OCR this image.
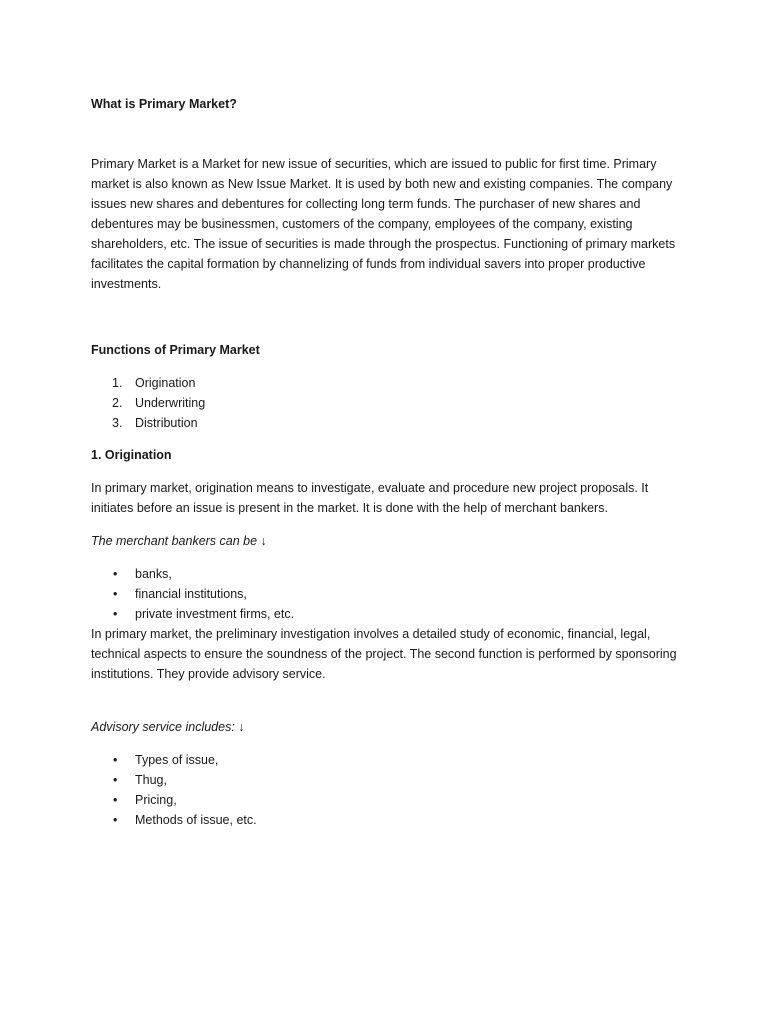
What is Primary Market?

Primary Market is a Market for new issue of securities, which are issued to public for first time. Primary market is also known as New Issue Market. It is used by both new and existing companies. The company issues new shares and debentures for collecting long term funds. The purchaser of new shares and debentures may be businessmen, customers of the company, employees of the company, existing shareholders, etc. The issue of securities is made through the prospectus. Functioning of primary markets facilitates the capital formation by channelizing of funds from individual savers into proper productive investments.

Functions of Primary Market

1. Origination
2. Underwriting
3. Distribution

1. Origination

In primary market, origination means to investigate, evaluate and procedure new project proposals. It initiates before an issue is present in the market. It is done with the help of merchant bankers.

The merchant bankers can be ↓

• banks,
• financial institutions,
• private investment firms, etc.

In primary market, the preliminary investigation involves a detailed study of economic, financial, legal, technical aspects to ensure the soundness of the project. The second function is performed by sponsoring institutions. They provide advisory service.

Advisory service includes: ↓

• Types of issue,
• Thug,
• Pricing,
• Methods of issue, etc.
